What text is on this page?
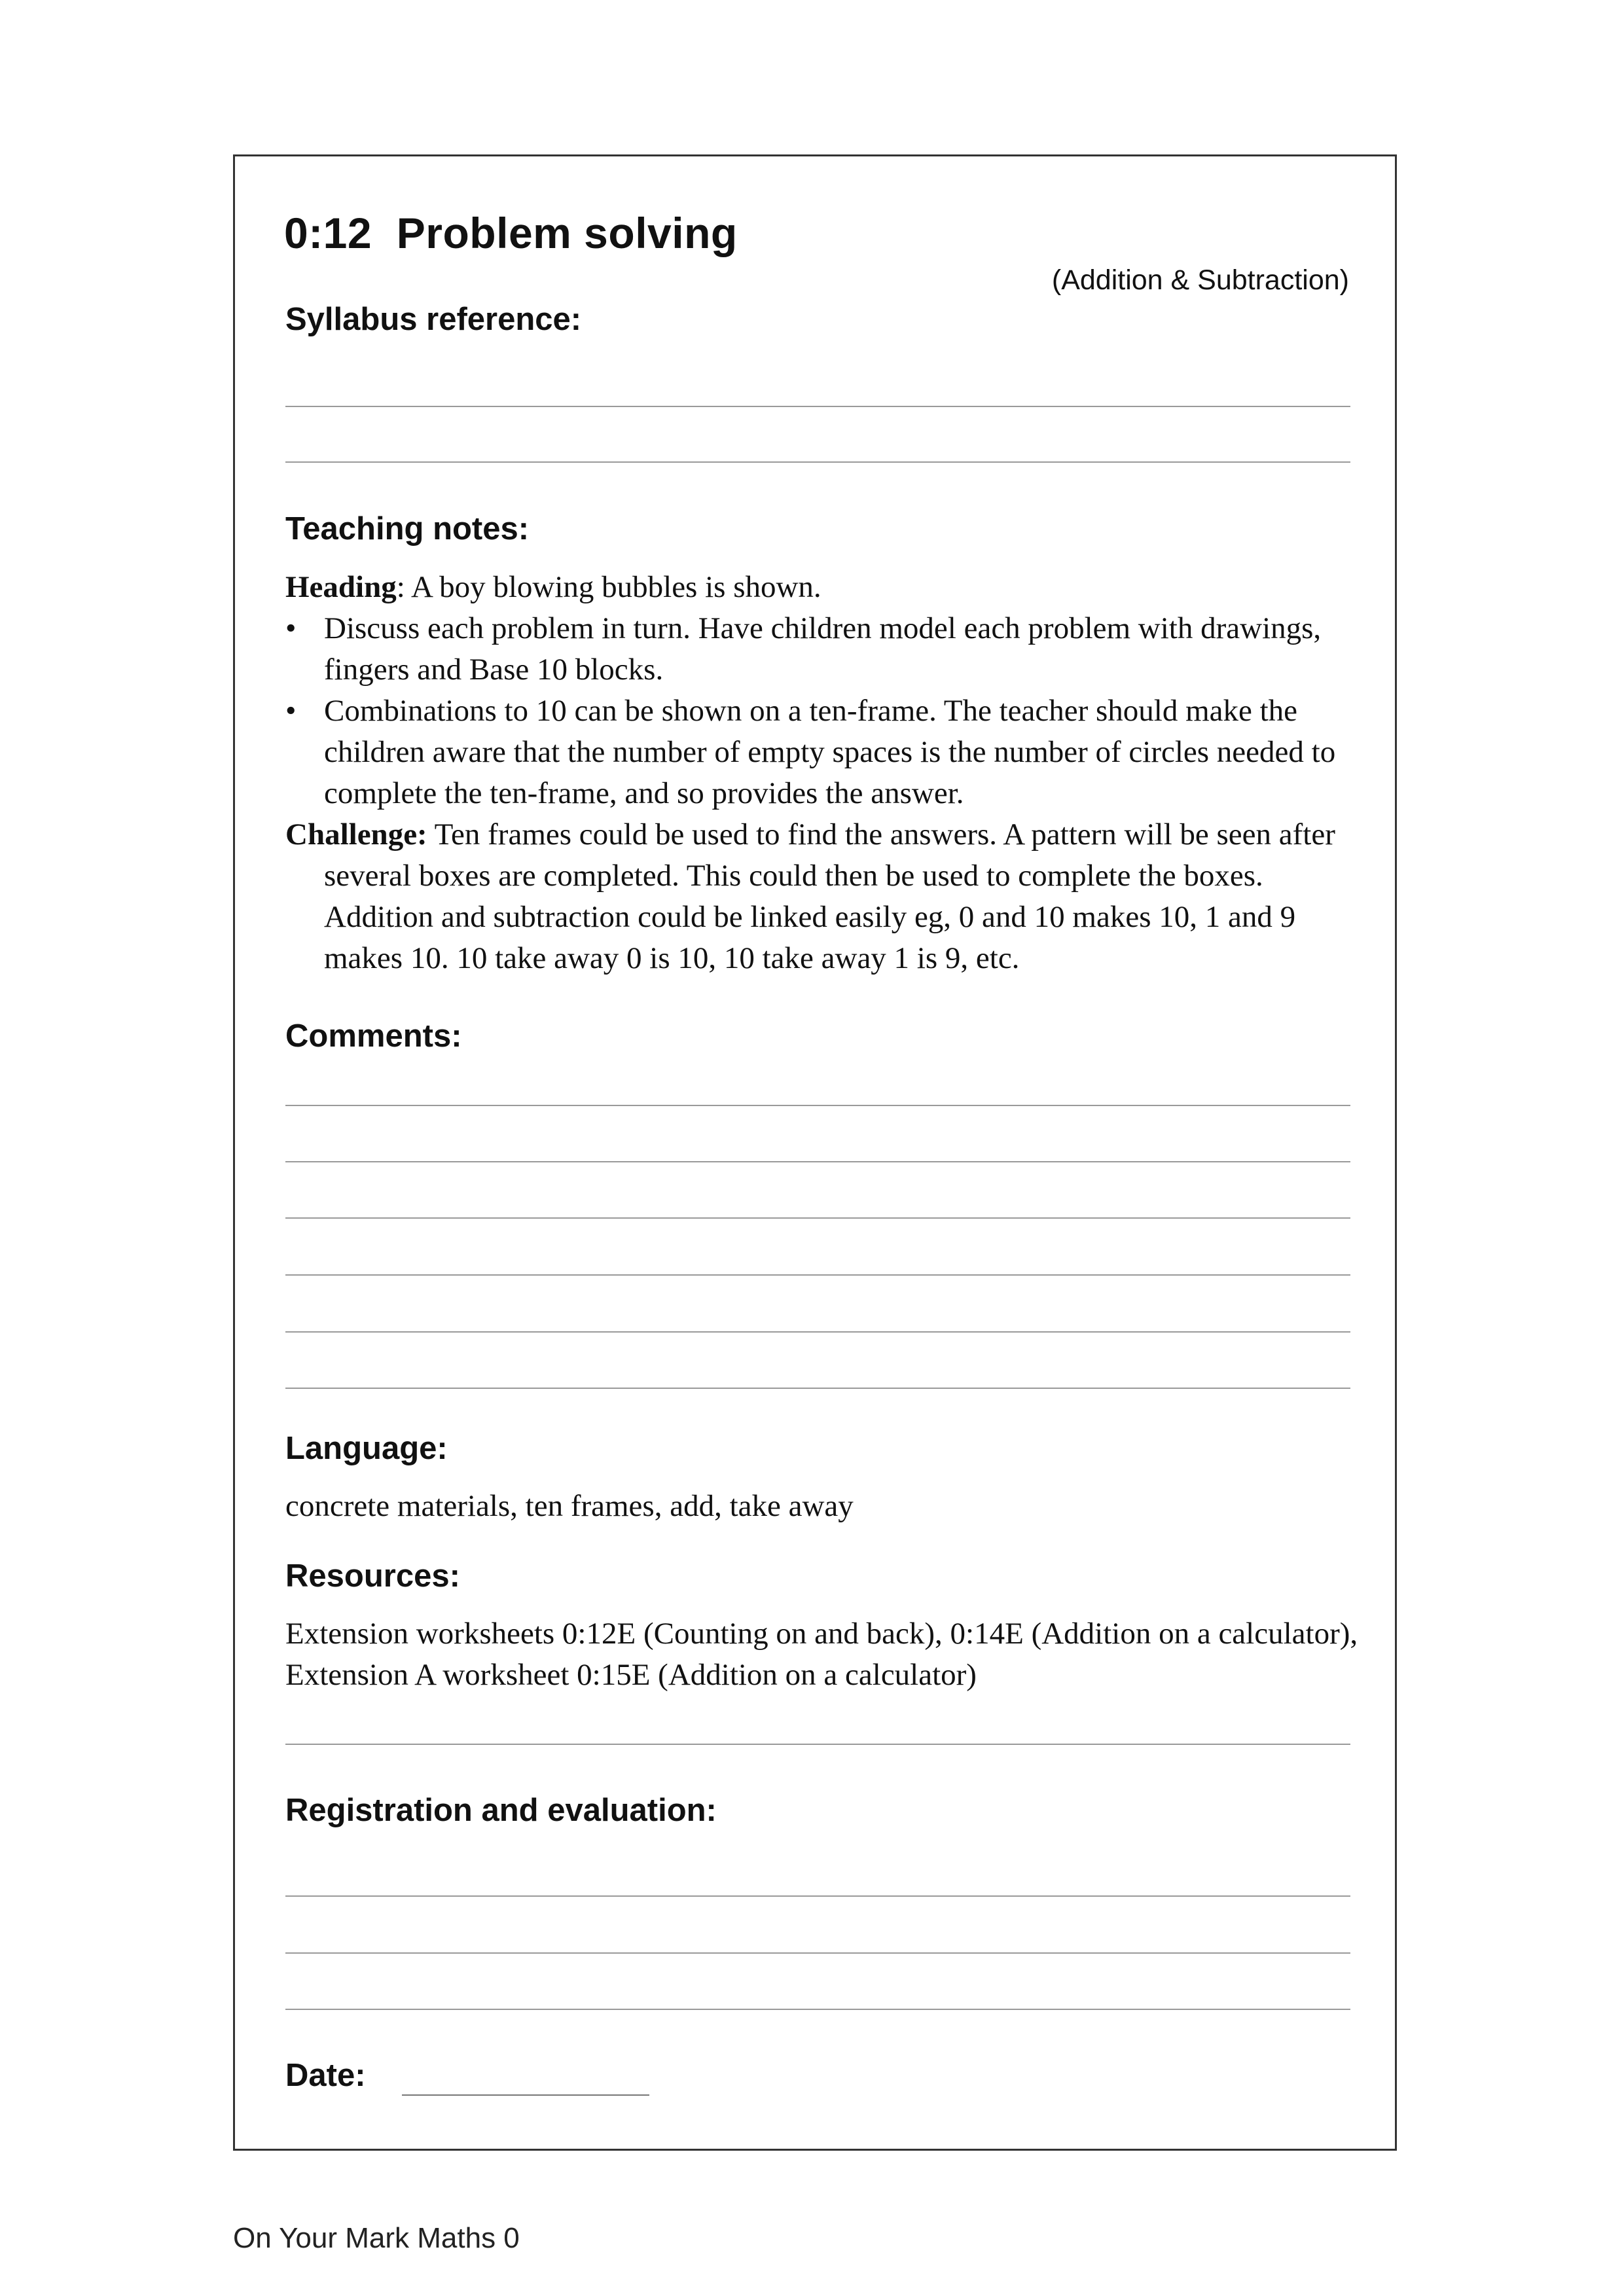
0:12  Problem solving
(Addition & Subtraction)
Syllabus reference:
Teaching notes:

Heading: A boy blowing bubbles is shown.

• Discuss each problem in turn. Have children model each problem with drawings, fingers and Base 10 blocks.

• Combinations to 10 can be shown on a ten-frame. The teacher should make the children aware that the number of empty spaces is the number of circles needed to complete the ten-frame, and so provides the answer.

Challenge: Ten frames could be used to find the answers. A pattern will be seen after several boxes are completed. This could then be used to complete the boxes. Addition and subtraction could be linked easily eg, 0 and 10 makes 10, 1 and 9 makes 10. 10 take away 0 is 10, 10 take away 1 is 9, etc.

Comments:
Language:
concrete materials, ten frames, add, take away
Resources:
Extension worksheets 0:12E (Counting on and back), 0:14E (Addition on a calculator), Extension A worksheet 0:15E (Addition on a calculator)
Registration and evaluation:
Date:
On Your Mark Maths 0
